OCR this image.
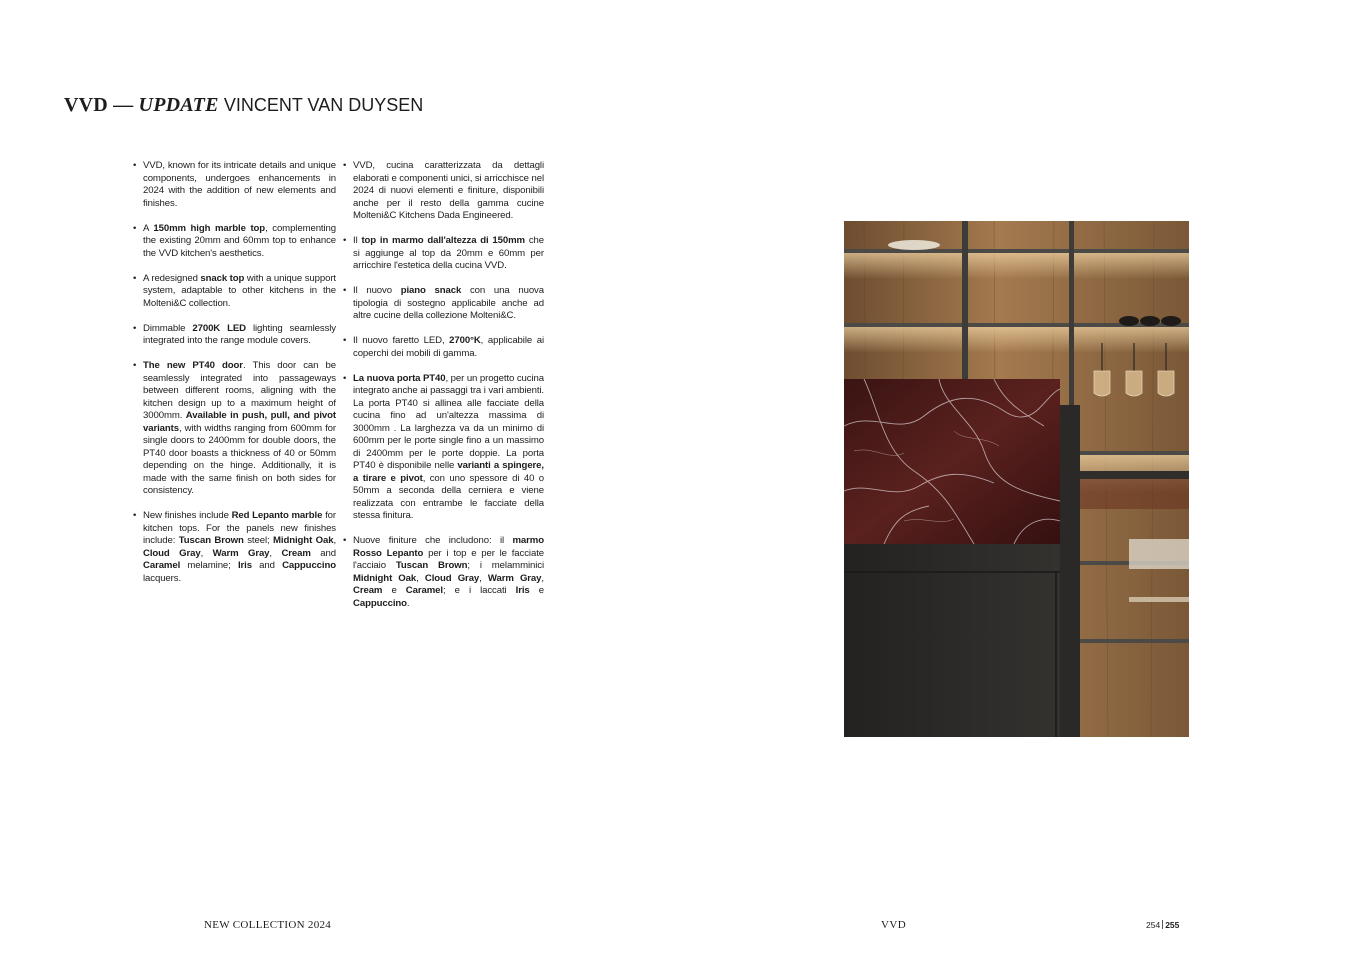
VVD — UPDATE VINCENT VAN DUYSEN
• VVD, known for its intricate details and unique components, undergoes enhancements in 2024 with the addition of new elements and finishes.
• A 150mm high marble top, complementing the existing 20mm and 60mm top to enhance the VVD kitchen's aesthetics.
• A redesigned snack top with a unique support system, adaptable to other kitchens in the Molteni&C collection.
• Dimmable 2700K LED lighting seamlessly integrated into the range module covers.
• The new PT40 door. This door can be seamlessly integrated into passageways between different rooms, aligning with the kitchen design up to a maximum height of 3000mm. Available in push, pull, and pivot variants, with widths ranging from 600mm for single doors to 2400mm for double doors, the PT40 door boasts a thickness of 40 or 50mm depending on the hinge. Additionally, it is made with the same finish on both sides for consistency.
• New finishes include Red Lepanto marble for kitchen tops. For the panels new finishes include: Tuscan Brown steel; Midnight Oak, Cloud Gray, Warm Gray, Cream and Caramel melamine; Iris and Cappuccino lacquers.
• VVD, cucina caratterizzata da dettagli elaborati e componenti unici, si arricchisce nel 2024 di nuovi elementi e finiture, disponibili anche per il resto della gamma cucine Molteni&C Kitchens Dada Engineered.
• Il top in marmo dall'altezza di 150mm che si aggiunge al top da 20mm e 60mm per arricchire l'estetica della cucina VVD.
• Il nuovo piano snack con una nuova tipologia di sostegno applicabile anche ad altre cucine della collezione Molteni&C.
• Il nuovo faretto LED, 2700°K, applicabile ai coperchi dei mobili di gamma.
• La nuova porta PT40, per un progetto cucina integrato anche ai passaggi tra i vari ambienti. La porta PT40 si allinea alle facciate della cucina fino ad un'altezza massima di 3000mm . La larghezza va da un minimo di 600mm per le porte single fino a un massimo di 2400mm per le porte doppie. La porta PT40 è disponibile nelle varianti a spingere, a tirare e pivot, con uno spessore di 40 o 50mm a seconda della cerniera e viene realizzata con entrambe le facciate della stessa finitura.
• Nuove finiture che includono: il marmo Rosso Lepanto per i top e per le facciate l'acciaio Tuscan Brown; i melamminici Midnight Oak, Cloud Gray, Warm Gray, Cream e Caramel; e i laccati Iris e Cappuccino.
NEW COLLECTION 2024	VVD	254 255
